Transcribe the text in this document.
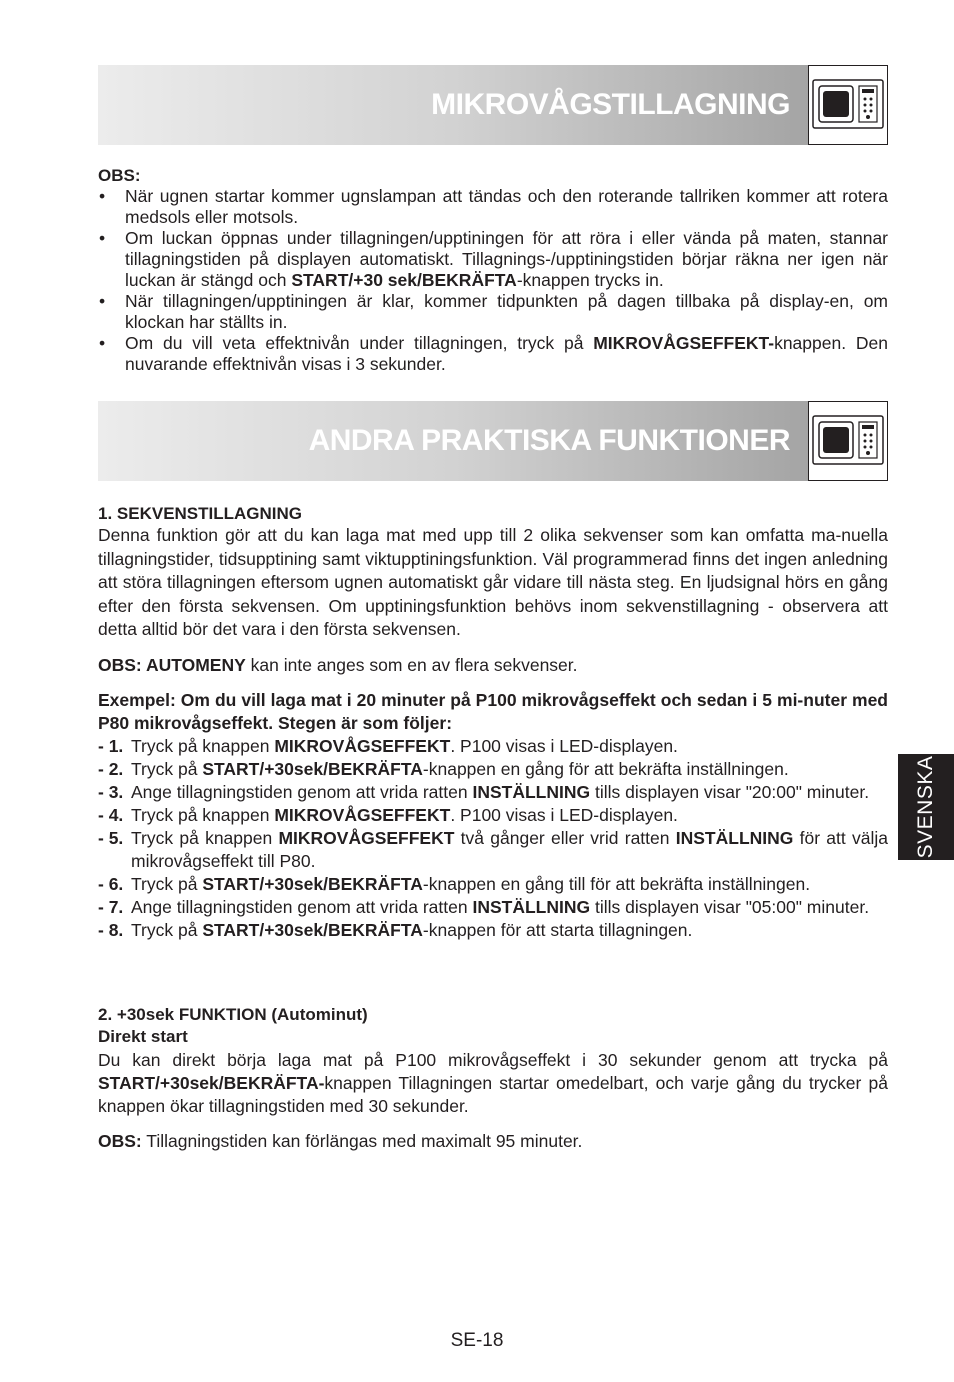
MIKROVÅGSTILLAGNING

OBS:

• När ugnen startar kommer ugnslampan att tändas och den roterande tallriken kommer att rotera medsols eller motsols.
• Om luckan öppnas under tillagningen/upptiningen för att röra i eller vända på maten, stannar tillagningstiden på displayen automatiskt. Tillagnings-/upptiningstiden börjar räkna ner igen när luckan är stängd och START/+30 sek/BEKRÄFTA-knappen trycks in.
• När tillagningen/upptiningen är klar, kommer tidpunkten på dagen tillbaka på display-en, om klockan har ställts in.
• Om du vill veta effektnivån under tillagningen, tryck på MIKROVÅGSEFFEKT-knappen. Den nuvarande effektnivån visas i 3 sekunder.
ANDRA PRAKTISKA FUNKTIONER

1. SEKVENSTILLAGNING

Denna funktion gör att du kan laga mat med upp till 2 olika sekvenser som kan omfatta ma-nuella tillagningstider, tidsupptining samt viktupptiningsfunktion. Väl programmerad finns det ingen anledning att störa tillagningen eftersom ugnen automatiskt går vidare till nästa steg. En ljudsignal hörs en gång efter den första sekvensen. Om upptiningsfunktion behövs inom sekvenstillagning - observera att detta alltid bör det vara i den första sekvensen.

OBS: AUTOMENY kan inte anges som en av flera sekvenser.

Exempel: Om du vill laga mat i 20 minuter på P100 mikrovågseffekt och sedan i 5 mi-nuter med P80 mikrovågseffekt. Stegen är som följer:

- 1. Tryck på knappen MIKROVÅGSEFFEKT. P100 visas i LED-displayen.
- 2. Tryck på START/+30sek/BEKRÄFTA-knappen en gång för att bekräfta inställningen.
- 3. Ange tillagningstiden genom att vrida ratten INSTÄLLNING tills displayen visar "20:00" minuter.
- 4. Tryck på knappen MIKROVÅGSEFFEKT. P100 visas i LED-displayen.
- 5. Tryck på knappen MIKROVÅGSEFFEKT två gånger eller vrid ratten INSTÄLLNING för att välja mikrovågseffekt till P80.
- 6. Tryck på START/+30sek/BEKRÄFTA-knappen en gång till för att bekräfta inställningen.
- 7. Ange tillagningstiden genom att vrida ratten INSTÄLLNING tills displayen visar "05:00" minuter.
- 8. Tryck på START/+30sek/BEKRÄFTA-knappen för att starta tillagningen.

2. +30sek FUNKTION (Autominut)

Direkt start

Du kan direkt börja laga mat på P100 mikrovågseffekt i 30 sekunder genom att trycka på START/+30sek/BEKRÄFTA-knappen Tillagningen startar omedelbart, och varje gång du trycker på knappen ökar tillagningstiden med 30 sekunder.

OBS: Tillagningstiden kan förlängas med maximalt 95 minuter.

SVENSKA
SE-18
